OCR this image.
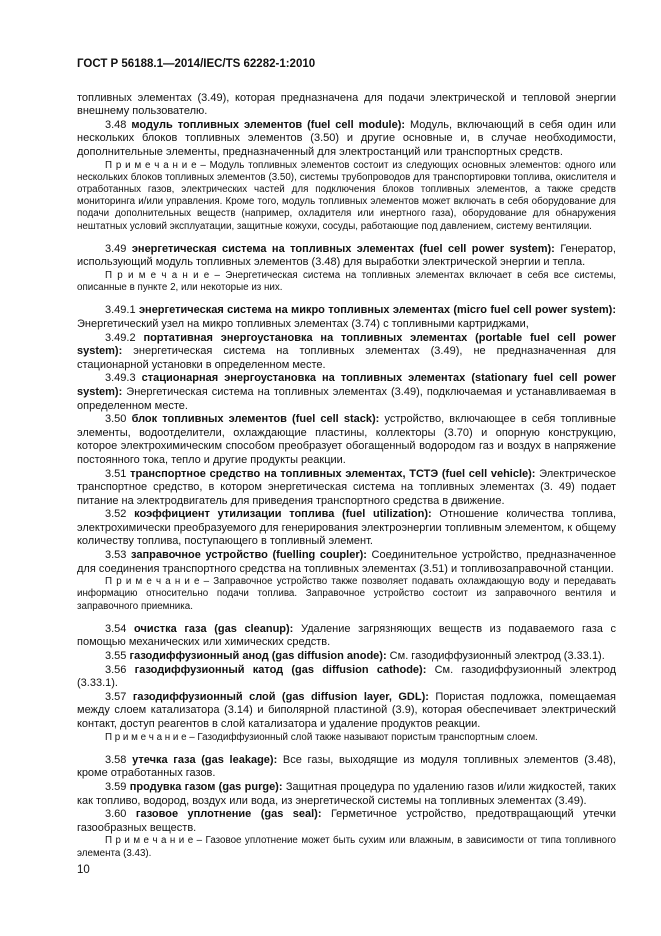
ГОСТ Р 56188.1—2014/IEC/TS 62282-1:2010

топливных элементах (3.49), которая предназначена для подачи электрической и тепловой энергии внешнему пользователю.

3.48 модуль топливных элементов (fuel cell module): Модуль, включающий в себя один или нескольких блоков топливных элементов (3.50) и другие основные и, в случае необходимости, дополнительные элементы, предназначенный для электростанций или транспортных средств.

П р и м е ч а н и е – Модуль топливных элементов состоит из следующих основных элементов: одного или нескольких блоков топливных элементов (3.50), системы трубопроводов для транспортировки топлива, окислителя и отработанных газов, электрических частей для подключения блоков топливных элементов, а также средств мониторинга и/или управления. Кроме того, модуль топливных элементов может включать в себя оборудование для подачи дополнительных веществ (например, охладителя или инертного газа), оборудование для обнаружения нештатных условий эксплуатации, защитные кожухи, сосуды, работающие под давлением, систему вентиляции.

3.49 энергетическая система на топливных элементах (fuel cell power system): Генератор, использующий модуль топливных элементов (3.48) для выработки электрической энергии и тепла.

П р и м е ч а н и е – Энергетическая система на топливных элементах включает в себя все системы, описанные в пункте 2, или некоторые из них.

3.49.1 энергетическая система на микро топливных элементах (micro fuel cell power system): Энергетический узел на микро топливных элементах (3.74) с топливными картриджами,

3.49.2 портативная энергоустановка на топливных элементах (portable fuel cell power system): энергетическая система на топливных элементах (3.49), не предназначенная для стационарной установки в определенном месте.

3.49.3 стационарная энергоустановка на топливных элементах (stationary fuel cell power system): Энергетическая система на топливных элементах (3.49), подключаемая и устанавливаемая в определенном месте.

3.50 блок топливных элементов (fuel cell stack): устройство, включающее в себя топливные элементы, водоотделители, охлаждающие пластины, коллекторы (3.70) и опорную конструкцию, которое электрохимическим способом преобразует обогащенный водородом газ и воздух в напряжение постоянного тока, тепло и другие продукты реакции.

3.51 транспортное средство на топливных элементах, ТСТЭ (fuel cell vehicle): Электрическое транспортное средство, в котором энергетическая система на топливных элементах (3. 49) подает питание на электродвигатель для приведения транспортного средства в движение.

3.52 коэффициент утилизации топлива (fuel utilization): Отношение количества топлива, электрохимически преобразуемого для генерирования электроэнергии топливным элементом, к общему количеству топлива, поступающего в топливный элемент.

3.53 заправочное устройство (fuelling coupler): Соединительное устройство, предназначенное для соединения транспортного средства на топливных элементах (3.51) и топливозаправочной станции.

П р и м е ч а н и е – Заправочное устройство также позволяет подавать охлаждающую воду и передавать информацию относительно подачи топлива. Заправочное устройство состоит из заправочного вентиля и заправочного приемника.

3.54 очистка газа (gas cleanup): Удаление загрязняющих веществ из подаваемого газа с помощью механических или химических средств.

3.55 газодиффузионный анод (gas diffusion anode): См. газодиффузионный электрод (3.33.1).

3.56 газодиффузионный катод (gas diffusion cathode): См. газодиффузионный электрод (3.33.1).

3.57 газодиффузионный слой (gas diffusion layer, GDL): Пористая подложка, помещаемая между слоем катализатора (3.14) и биполярной пластиной (3.9), которая обеспечивает электрический контакт, доступ реагентов в слой катализатора и удаление продуктов реакции.

П р и м е ч а н и е – Газодиффузионный слой также называют пористым транспортным слоем.

3.58 утечка газа (gas leakage): Все газы, выходящие из модуля топливных элементов (3.48), кроме отработанных газов.

3.59 продувка газом (gas purge): Защитная процедура по удалению газов и/или жидкостей, таких как топливо, водород, воздух или вода, из энергетической системы на топливных элементах (3.49).

3.60 газовое уплотнение (gas seal): Герметичное устройство, предотвращающий утечки газообразных веществ.

П р и м е ч а н и е – Газовое уплотнение может быть сухим или влажным, в зависимости от типа топливного элемента (3.43).

10
